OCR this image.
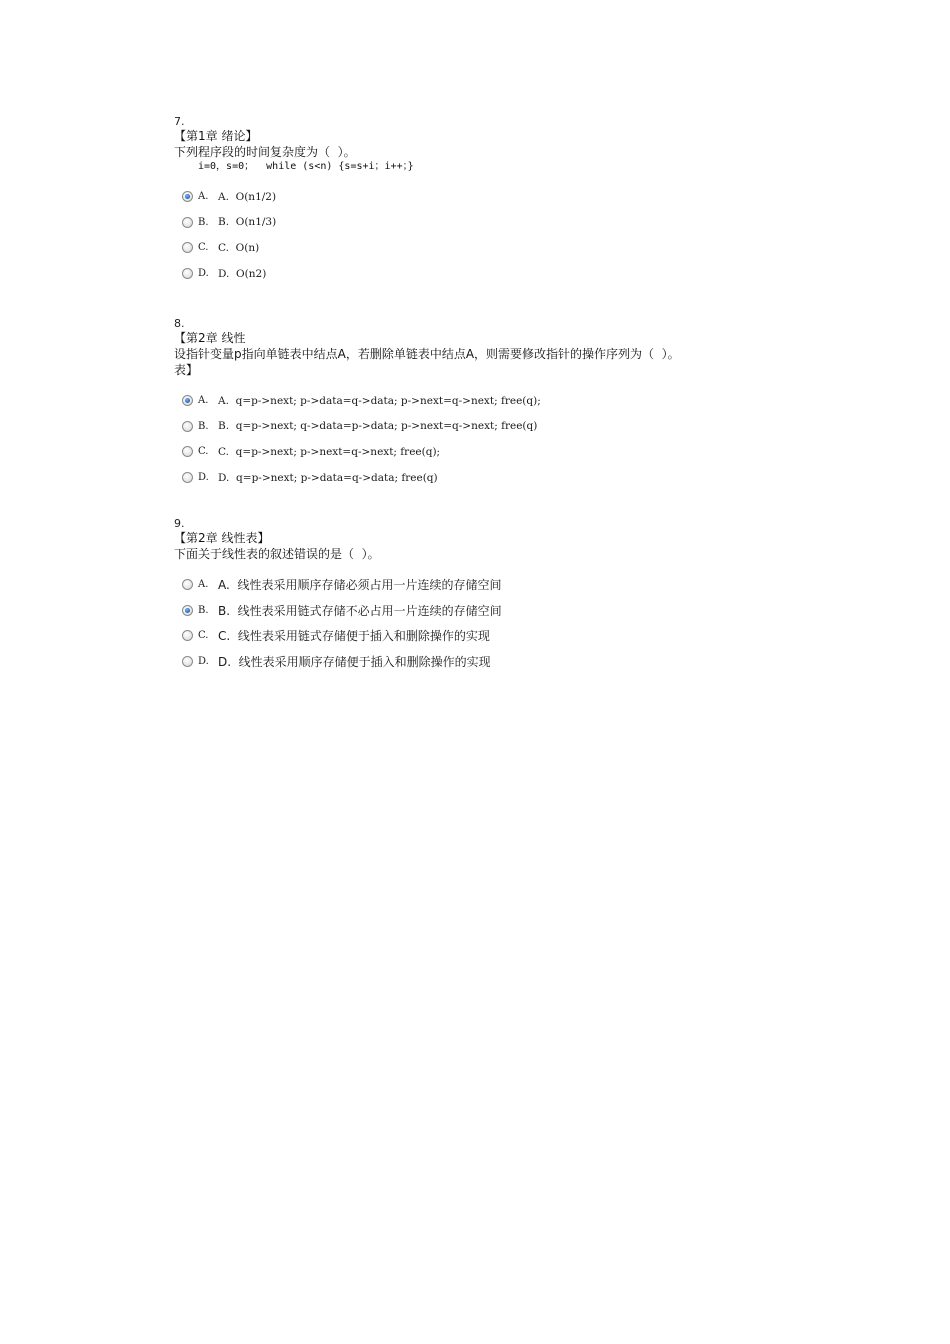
7.
【第1章 绪论】
下列程序段的时间复杂度为（  ）。
i=0，s=0；  while (s<n) {s=s+i；i++；}
A. A.  O(n1/2)
B. B.  O(n1/3)
C. C.  O(n)
D. D.  O(n2)
8.
【第2章 线性
设指针变量p指向单链表中结点A，若删除单链表中结点A，则需要修改指针的操作序列为（  ）。
表】
A. A.  q=p->next; p->data=q->data; p->next=q->next; free(q);
B. B.  q=p->next; q->data=p->data; p->next=q->next; free(q)
C. C.  q=p->next; p->next=q->next; free(q);
D. D.  q=p->next; p->data=q->data; free(q)
9.
【第2章 线性表】
下面关于线性表的叙述错误的是（  ）。
A. A.  线性表采用顺序存储必须占用一片连续的存储空间
B. B.  线性表采用链式存储不必占用一片连续的存储空间
C. C.  线性表采用链式存储便于插入和删除操作的实现
D. D.  线性表采用顺序存储便于插入和删除操作的实现
